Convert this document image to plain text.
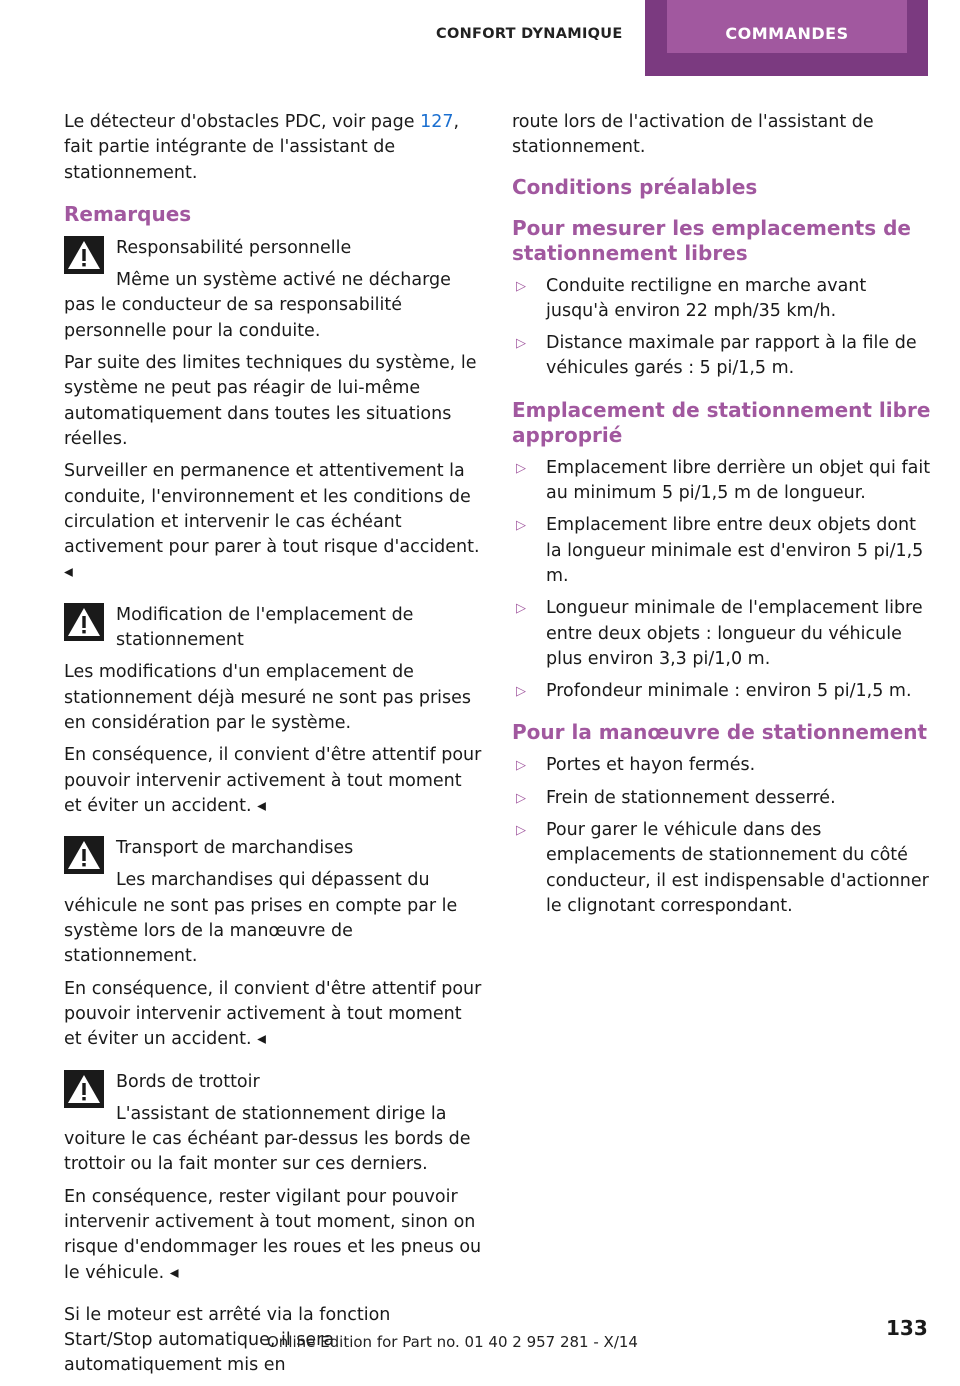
CONFORT DYNAMIQUE	COMMANDES

Le détecteur d'obstacles PDC, voir page 127, fait partie intégrante de l'assistant de stationnement.

Remarques

Responsabilité personnelle

Même un système activé ne décharge pas le conducteur de sa responsabilité personnelle pour la conduite.

Par suite des limites techniques du système, le système ne peut pas réagir de lui-même automatiquement dans toutes les situations réelles.

Surveiller en permanence et attentivement la conduite, l'environnement et les conditions de circulation et intervenir le cas échéant activement pour parer à tout risque d'accident. ◂

Modification de l'emplacement de stationnement

Les modifications d'un emplacement de stationnement déjà mesuré ne sont pas prises en considération par le système.

En conséquence, il convient d'être attentif pour pouvoir intervenir activement à tout moment et éviter un accident. ◂

Transport de marchandises

Les marchandises qui dépassent du véhicule ne sont pas prises en compte par le système lors de la manœuvre de stationnement.

En conséquence, il convient d'être attentif pour pouvoir intervenir activement à tout moment et éviter un accident. ◂

Bords de trottoir

L'assistant de stationnement dirige la voiture le cas échéant par-dessus les bords de trottoir ou la fait monter sur ces derniers.

En conséquence, rester vigilant pour pouvoir intervenir activement à tout moment, sinon on risque d'endommager les roues et les pneus ou le véhicule. ◂

Si le moteur est arrêté via la fonction Start/Stop automatique, il sera automatiquement mis en

route lors de l'activation de l'assistant de stationnement.

Conditions préalables
Pour mesurer les emplacements de stationnement libres
▷ Conduite rectiligne en marche avant jusqu'à environ 22 mph/35 km/h.
▷ Distance maximale par rapport à la file de véhicules garés : 5 pi/1,5 m.
Emplacement de stationnement libre approprié
▷ Emplacement libre derrière un objet qui fait au minimum 5 pi/1,5 m de longueur.
▷ Emplacement libre entre deux objets dont la longueur minimale est d'environ 5 pi/1,5 m.
▷ Longueur minimale de l'emplacement libre entre deux objets : longueur du véhicule plus environ 3,3 pi/1,0 m.
▷ Profondeur minimale : environ 5 pi/1,5 m.
Pour la manœuvre de stationnement
▷ Portes et hayon fermés.
▷ Frein de stationnement desserré.
▷ Pour garer le véhicule dans des emplacements de stationnement du côté conducteur, il est indispensable d'actionner le clignotant correspondant.
Online Edition for Part no. 01 40 2 957 281 - X/14
133
